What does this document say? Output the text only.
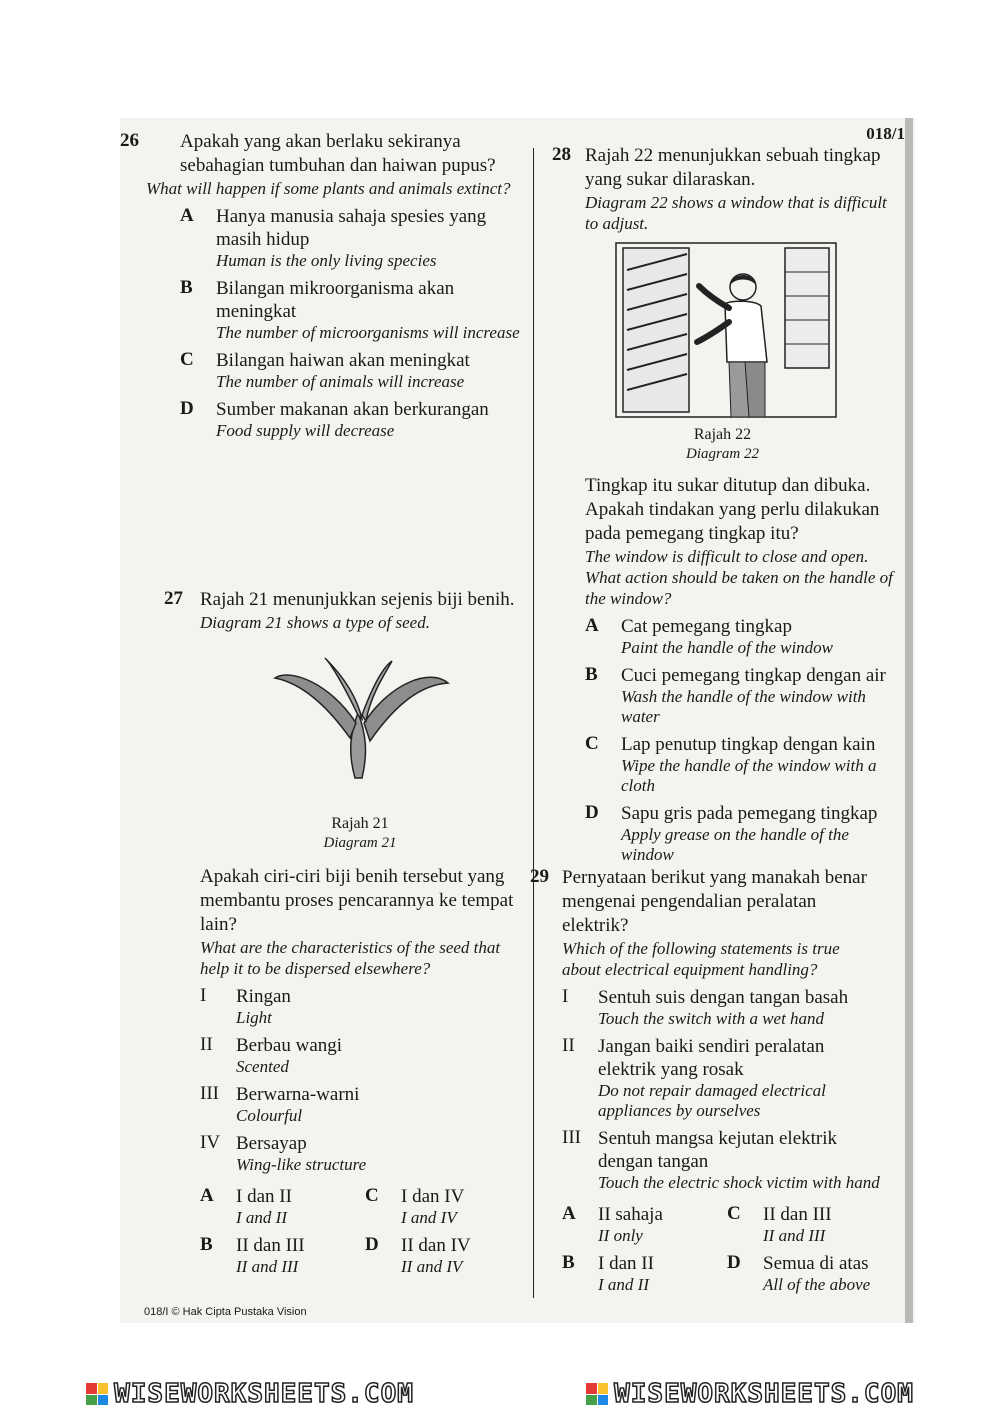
018/1
26	Apakah yang akan berlaku sekiranya sebahagian tumbuhan dan haiwan pupus?

What will happen if some plants and animals extinct?

A Hanya manusia sahaja spesies yang masih hidup
Human is the only living species
B Bilangan mikroorganisma akan meningkat
The number of microorganisms will increase
C Bilangan haiwan akan meningkat
The number of animals will increase
D Sumber makanan akan berkurangan
Food supply will decrease
27 Rajah 21 menunjukkan sejenis biji benih.

Diagram 21 shows a type of seed.

Rajah 21
Diagram 21

Apakah ciri-ciri biji benih tersebut yang membantu proses pencarannya ke tempat lain?

What are the characteristics of the seed that help it to be dispersed elsewhere?

I Ringan
Light
II Berbau wangi
Scented
III Berwarna-warni
Colourful
IV Bersayap
Wing-like structure
A I dan II
I and II
C I dan IV
I and IV
B II dan III
II and III
D II dan IV
II and IV
28 Rajah 22 menunjukkan sebuah tingkap yang sukar dilaraskan.

Diagram 22 shows a window that is difficult to adjust.

Rajah 22
Diagram 22

Tingkap itu sukar ditutup dan dibuka. Apakah tindakan yang perlu dilakukan pada pemegang tingkap itu?

The window is difficult to close and open. What action should be taken on the handle of the window?

A Cat pemegang tingkap
Paint the handle of the window
B Cuci pemegang tingkap dengan air
Wash the handle of the window with water
C Lap penutup tingkap dengan kain
Wipe the handle of the window with a cloth
D Sapu gris pada pemegang tingkap
Apply grease on the handle of the window
29 Pernyataan berikut yang manakah benar mengenai pengendalian peralatan elektrik?

Which of the following statements is true about electrical equipment handling?

I Sentuh suis dengan tangan basah
Touch the switch with a wet hand
II Jangan baiki sendiri peralatan elektrik yang rosak
Do not repair damaged electrical appliances by ourselves
III Sentuh mangsa kejutan elektrik dengan tangan
Touch the electric shock victim with hand
A II sahaja
II only
C II dan III
II and III
B I dan II
I and II
D Semua di atas
All of the above
018/I © Hak Cipta Pustaka Vision
WISEWORKSHEETS.COM	WISEWORKSHEETS.COM
